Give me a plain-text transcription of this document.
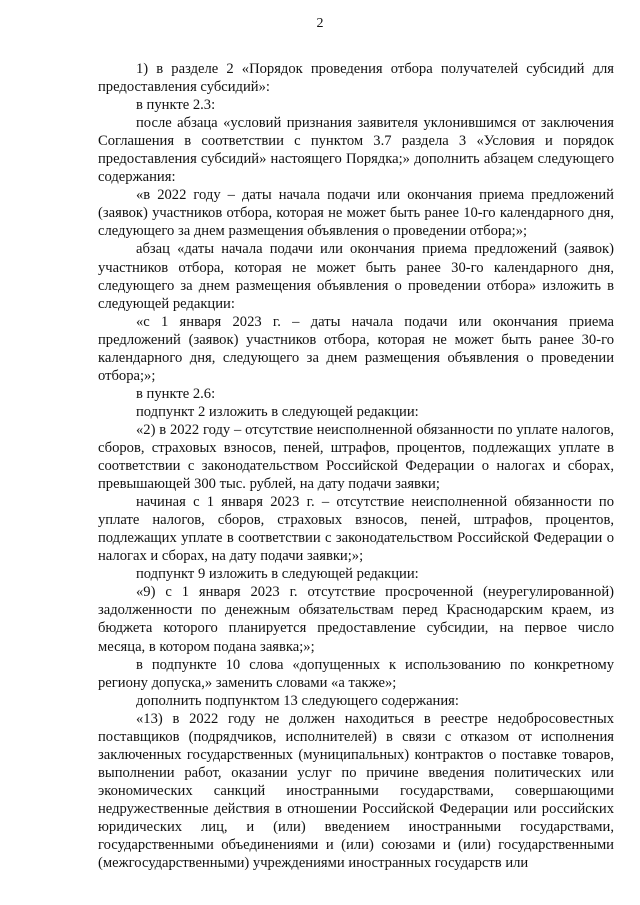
2

1) в разделе 2 «Порядок проведения отбора получателей субсидий для предоставления субсидий»:

в пункте 2.3:

после абзаца «условий признания заявителя уклонившимся от заключения Соглашения в соответствии с пунктом 3.7 раздела 3 «Условия и порядок предоставления субсидий» настоящего Порядка;» дополнить абзацем следующего содержания:

«в 2022 году – даты начала подачи или окончания приема предложений (заявок) участников отбора, которая не может быть ранее 10-го календарного дня, следующего за днем размещения объявления о проведении отбора;»;

абзац «даты начала подачи или окончания приема предложений (заявок) участников отбора, которая не может быть ранее 30-го календарного дня, следующего за днем размещения объявления о проведении отбора» изложить в следующей редакции:

«с 1 января 2023 г. – даты начала подачи или окончания приема предложений (заявок) участников отбора, которая не может быть ранее 30-го календарного дня, следующего за днем размещения объявления о проведении отбора;»;

в пункте 2.6:

подпункт 2 изложить в следующей редакции:

«2) в 2022 году – отсутствие неисполненной обязанности по уплате налогов, сборов, страховых взносов, пеней, штрафов, процентов, подлежащих уплате в соответствии с законодательством Российской Федерации о налогах и сборах, превышающей 300 тыс. рублей, на дату подачи заявки;

начиная с 1 января 2023 г. – отсутствие неисполненной обязанности по уплате налогов, сборов, страховых взносов, пеней, штрафов, процентов, подлежащих уплате в соответствии с законодательством Российской Федерации о налогах и сборах, на дату подачи заявки;»;

подпункт 9 изложить в следующей редакции:

«9) с 1 января 2023 г. отсутствие просроченной (неурегулированной) задолженности по денежным обязательствам перед Краснодарским краем, из бюджета которого планируется предоставление субсидии, на первое число месяца, в котором подана заявка;»;

в подпункте 10 слова «допущенных к использованию по конкретному региону допуска,» заменить словами «а также»;

дополнить подпунктом 13 следующего содержания:

«13) в 2022 году не должен находиться в реестре недобросовестных поставщиков (подрядчиков, исполнителей) в связи с отказом от исполнения заключенных государственных (муниципальных) контрактов о поставке товаров, выполнении работ, оказании услуг по причине введения политических или экономических санкций иностранными государствами, совершающими недружественные действия в отношении Российской Федерации или российских юридических лиц, и (или) введением иностранными государствами, государственными объединениями и (или) союзами и (или) государственными (межгосударственными) учреждениями иностранных государств или
